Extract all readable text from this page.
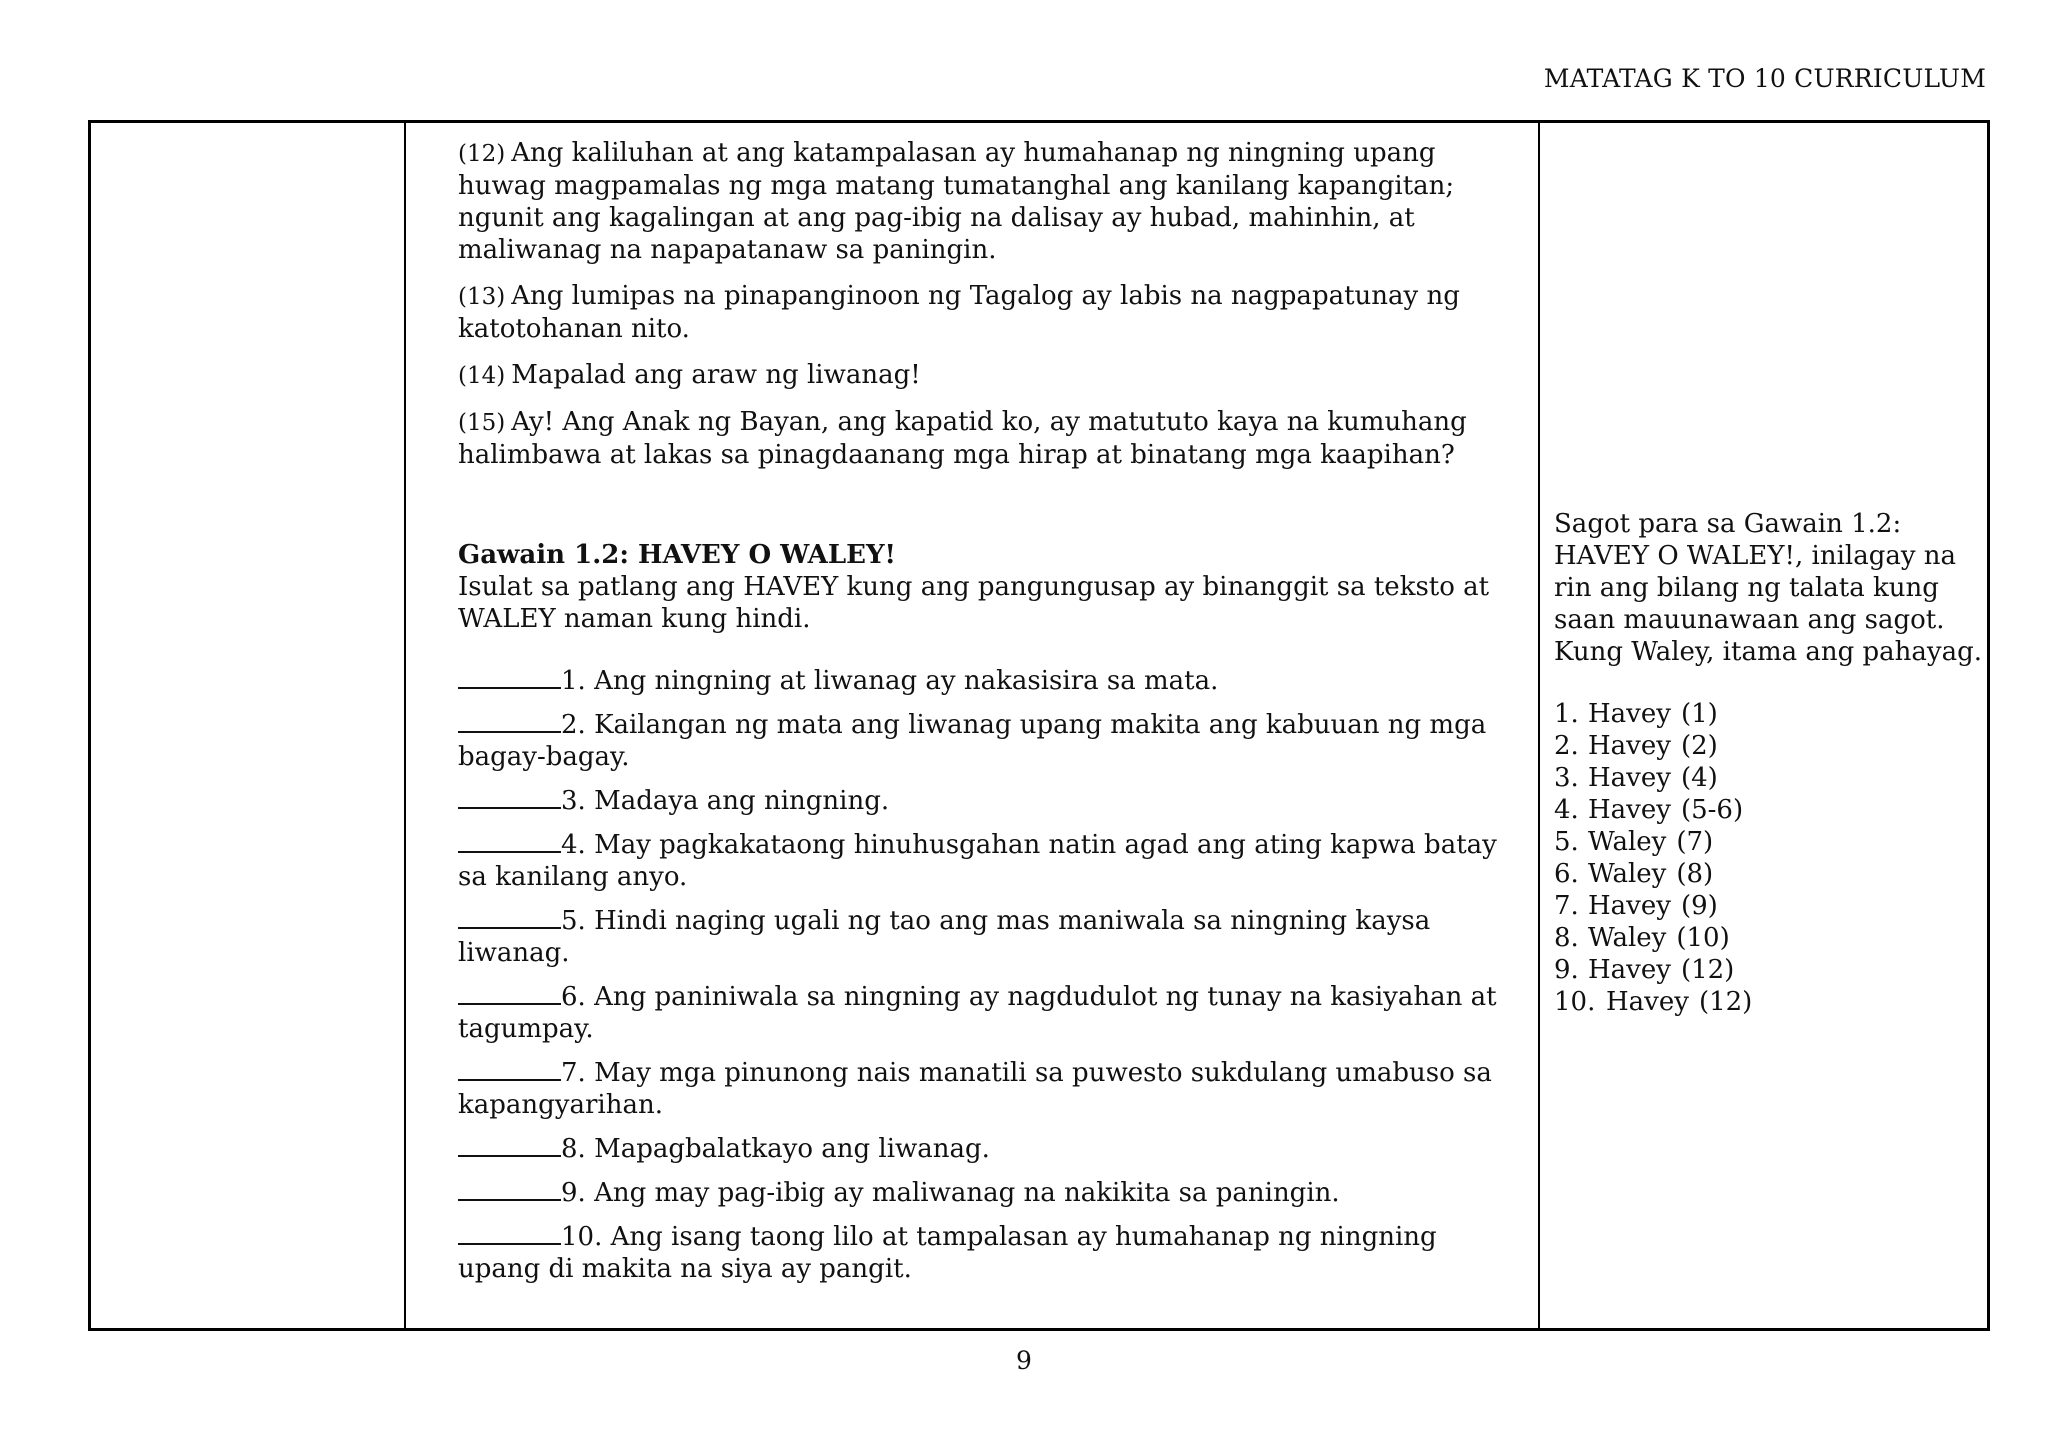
MATATAG K TO 10 CURRICULUM

(12) Ang kaliluhan at ang katampalasan ay humahanap ng ningning upang huwag magpamalas ng mga matang tumatanghal ang kanilang kapangitan; ngunit ang kagalingan at ang pag-ibig na dalisay ay hubad, mahinhin, at maliwanag na napapatanaw sa paningin.

(13) Ang lumipas na pinapanginoon ng Tagalog ay labis na nagpapatunay ng katotohanan nito.

(14) Mapalad ang araw ng liwanag!

(15) Ay! Ang Anak ng Bayan, ang kapatid ko, ay matututo kaya na kumuhang halimbawa at lakas sa pinagdaanang mga hirap at binatang mga kaapihan?

Gawain 1.2: HAVEY O WALEY!

Isulat sa patlang ang HAVEY kung ang pangungusap ay binanggit sa teksto at WALEY naman kung hindi.

1. Ang ningning at liwanag ay nakasisira sa mata.

2. Kailangan ng mata ang liwanag upang makita ang kabuuan ng mga bagay-bagay.

3. Madaya ang ningning.

4. May pagkakataong hinuhusgahan natin agad ang ating kapwa batay sa kanilang anyo.

5. Hindi naging ugali ng tao ang mas maniwala sa ningning kaysa liwanag.

6. Ang paniniwala sa ningning ay nagdudulot ng tunay na kasiyahan at tagumpay.

7. May mga pinunong nais manatili sa puwesto sukdulang umabuso sa kapangyarihan.

8. Mapagbalatkayo ang liwanag.

9. Ang may pag-ibig ay maliwanag na nakikita sa paningin.

10. Ang isang taong lilo at tampalasan ay humahanap ng ningning upang di makita na siya ay pangit.

Sagot para sa Gawain 1.2: HAVEY O WALEY!, inilagay na rin ang bilang ng talata kung saan mauunawaan ang sagot. Kung Waley, itama ang pahayag.

1. Havey (1)
2. Havey (2)
3. Havey (4)
4. Havey (5-6)
5. Waley (7)
6. Waley (8)
7. Havey (9)
8. Waley (10)
9. Havey (12)
10. Havey (12)
9
